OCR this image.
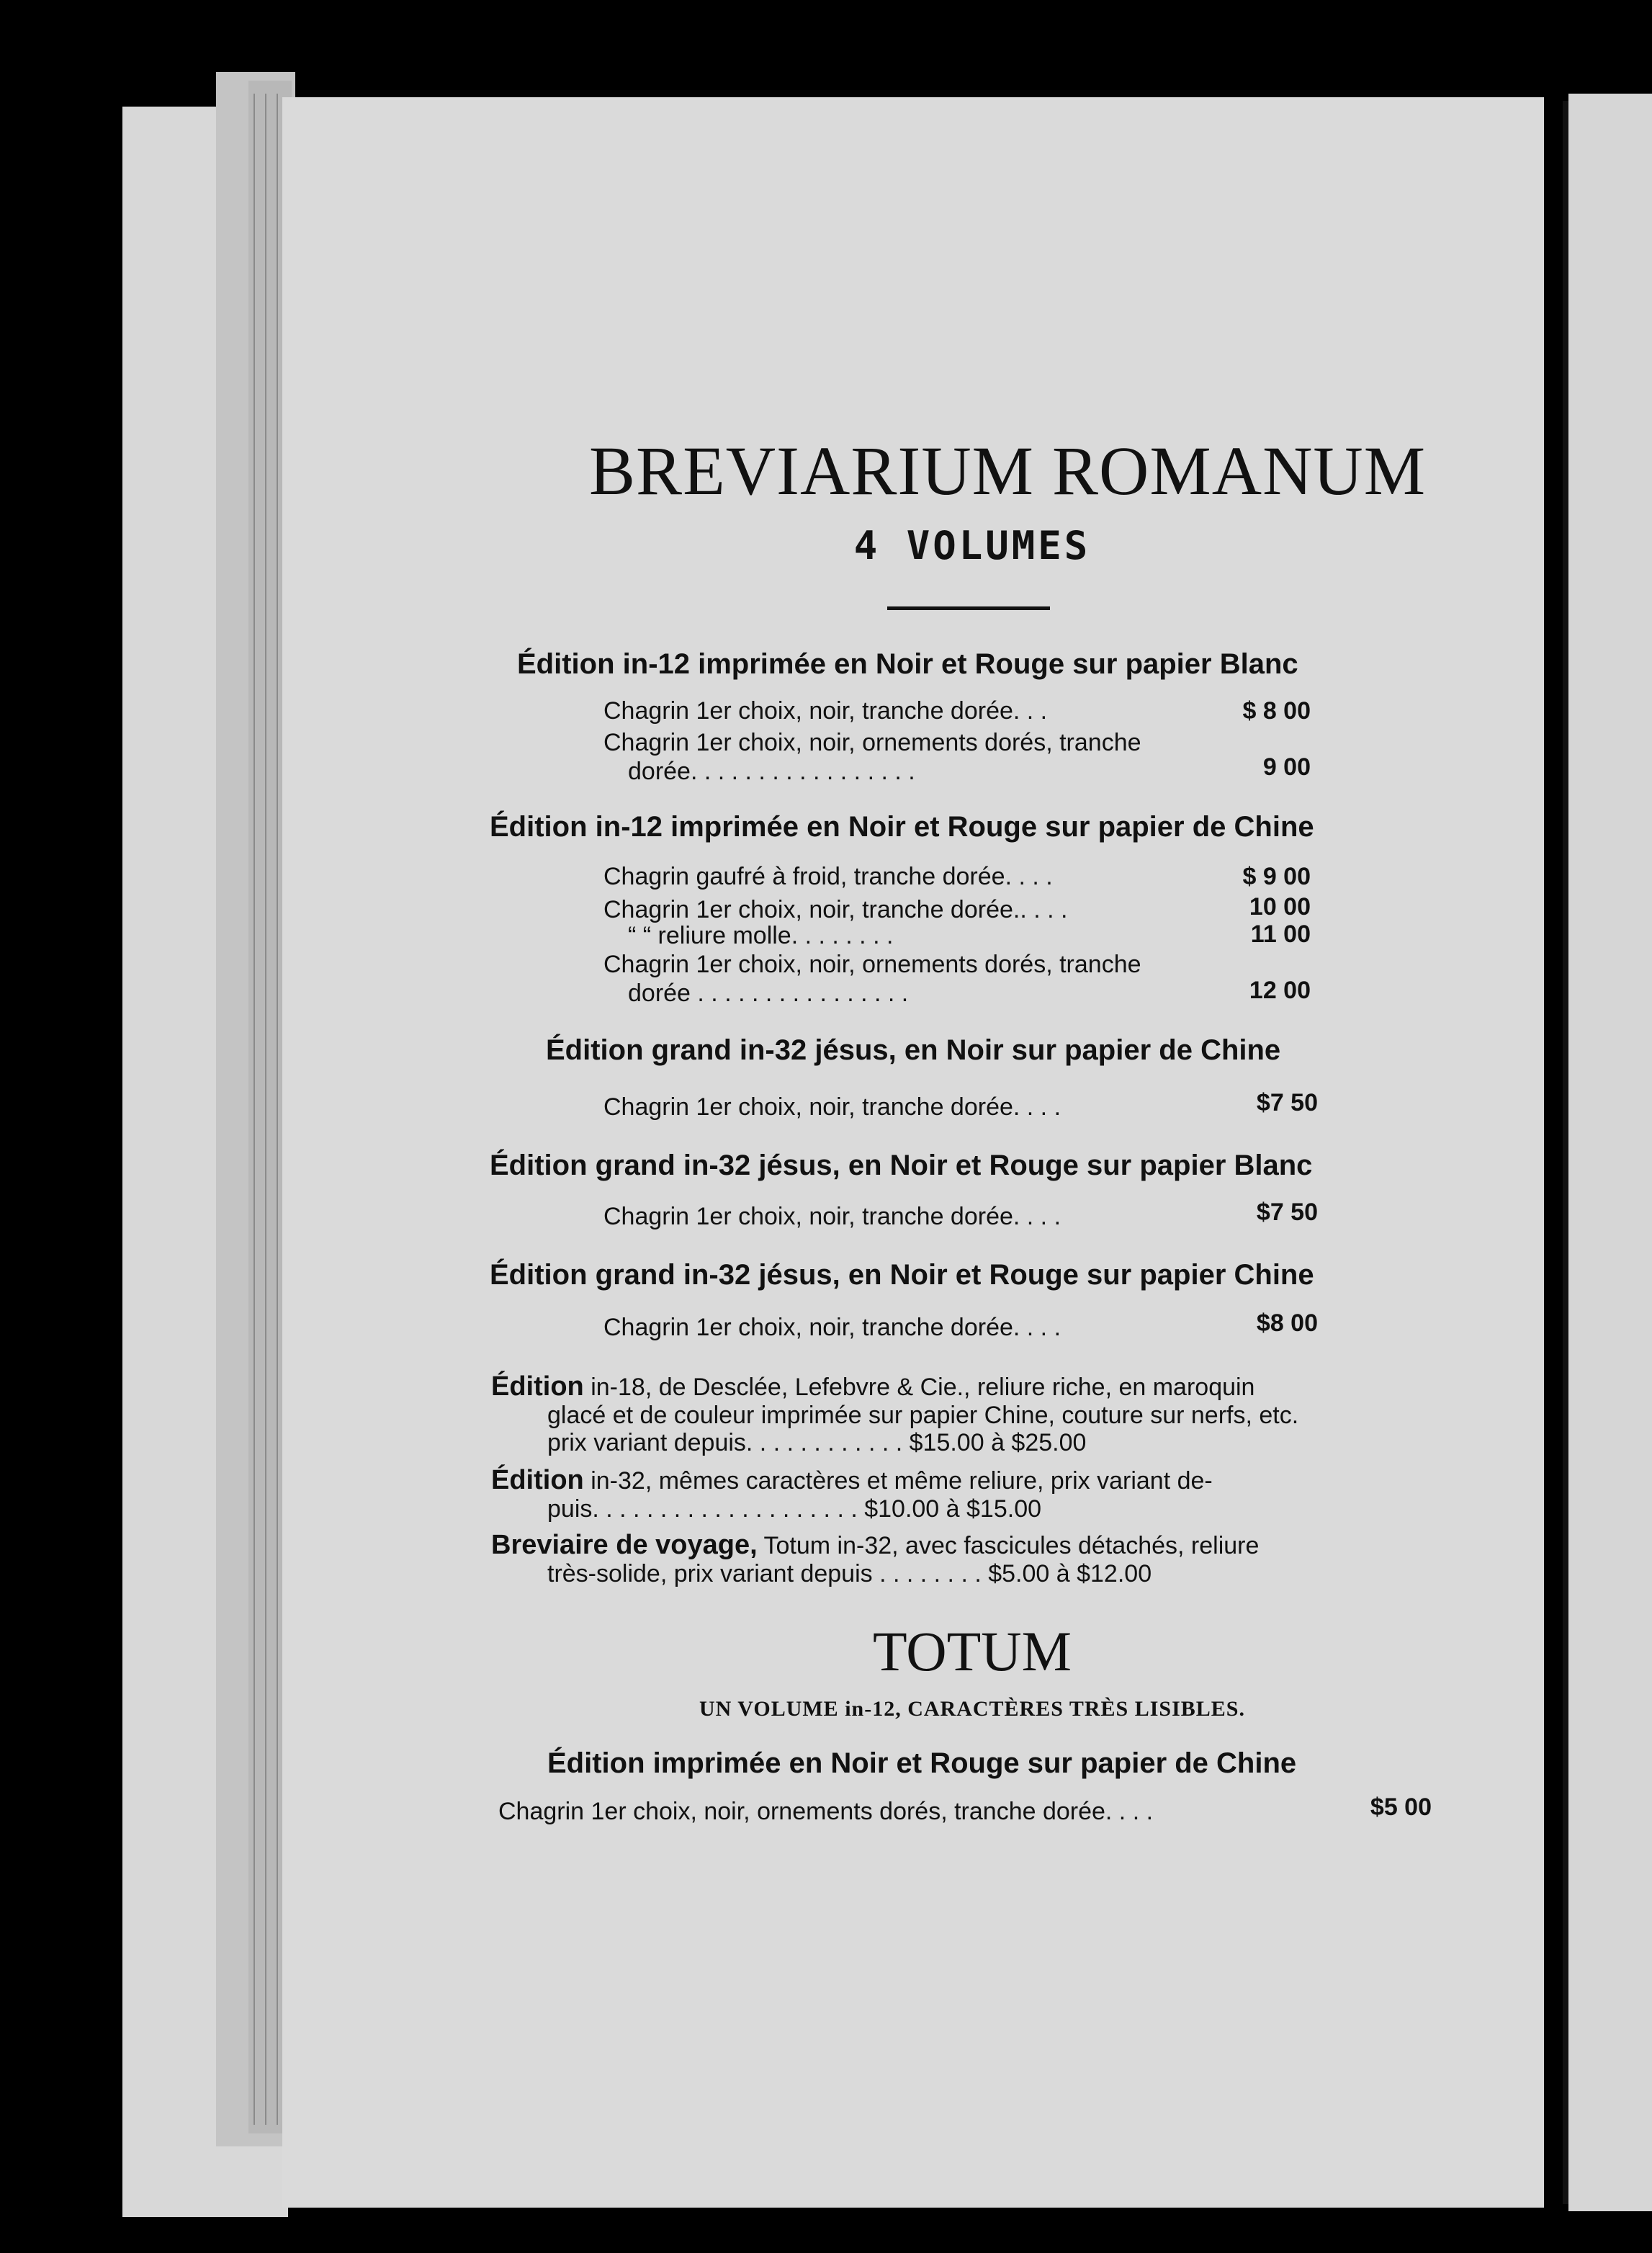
BREVIARIUM ROMANUM
4 VOLUMES
Édition in-12 imprimée en Noir et Rouge sur papier Blanc
Chagrin 1er choix, noir, tranche dorée. . .	$ 8 00
Chagrin 1er choix, noir, ornements dorés, tranche
dorée. . . . . . . . . . . . . . . . .	9 00
Édition in-12 imprimée en Noir et Rouge sur papier de Chine
Chagrin gaufré à froid, tranche dorée. . . .	$ 9 00
Chagrin 1er choix, noir, tranche dorée.. . . .	10 00
“ “ reliure molle. . . . . . . .	11 00
Chagrin 1er choix, noir, ornements dorés, tranche
dorée . . . . . . . . . . . . . . . .	12 00
Édition grand in-32 jésus, en Noir sur papier de Chine
Chagrin 1er choix, noir, tranche dorée. . . .	$7 50
Édition grand in-32 jésus, en Noir et Rouge sur papier Blanc
Chagrin 1er choix, noir, tranche dorée. . . .	$7 50
Édition grand in-32 jésus, en Noir et Rouge sur papier Chine
Chagrin 1er choix, noir, tranche dorée. . . .	$8 00
Édition in-18, de Desclée, Lefebvre & Cie., reliure riche, en maroquin
glacé et de couleur imprimée sur papier Chine, couture sur nerfs, etc.
prix variant depuis. . . . . . . . . . . . $15.00 à $25.00
Édition in-32, mêmes caractères et même reliure, prix variant de-
puis. . . . . . . . . . . . . . . . . . . . $10.00 à $15.00
Breviaire de voyage, Totum in-32, avec fascicules détachés, reliure
très-solide, prix variant depuis . . . . . . . . $5.00 à $12.00
TOTUM
UN VOLUME in-12, CARACTÈRES TRÈS LISIBLES.
Édition imprimée en Noir et Rouge sur papier de Chine
Chagrin 1er choix, noir, ornements dorés, tranche dorée. . . .	$5 00
